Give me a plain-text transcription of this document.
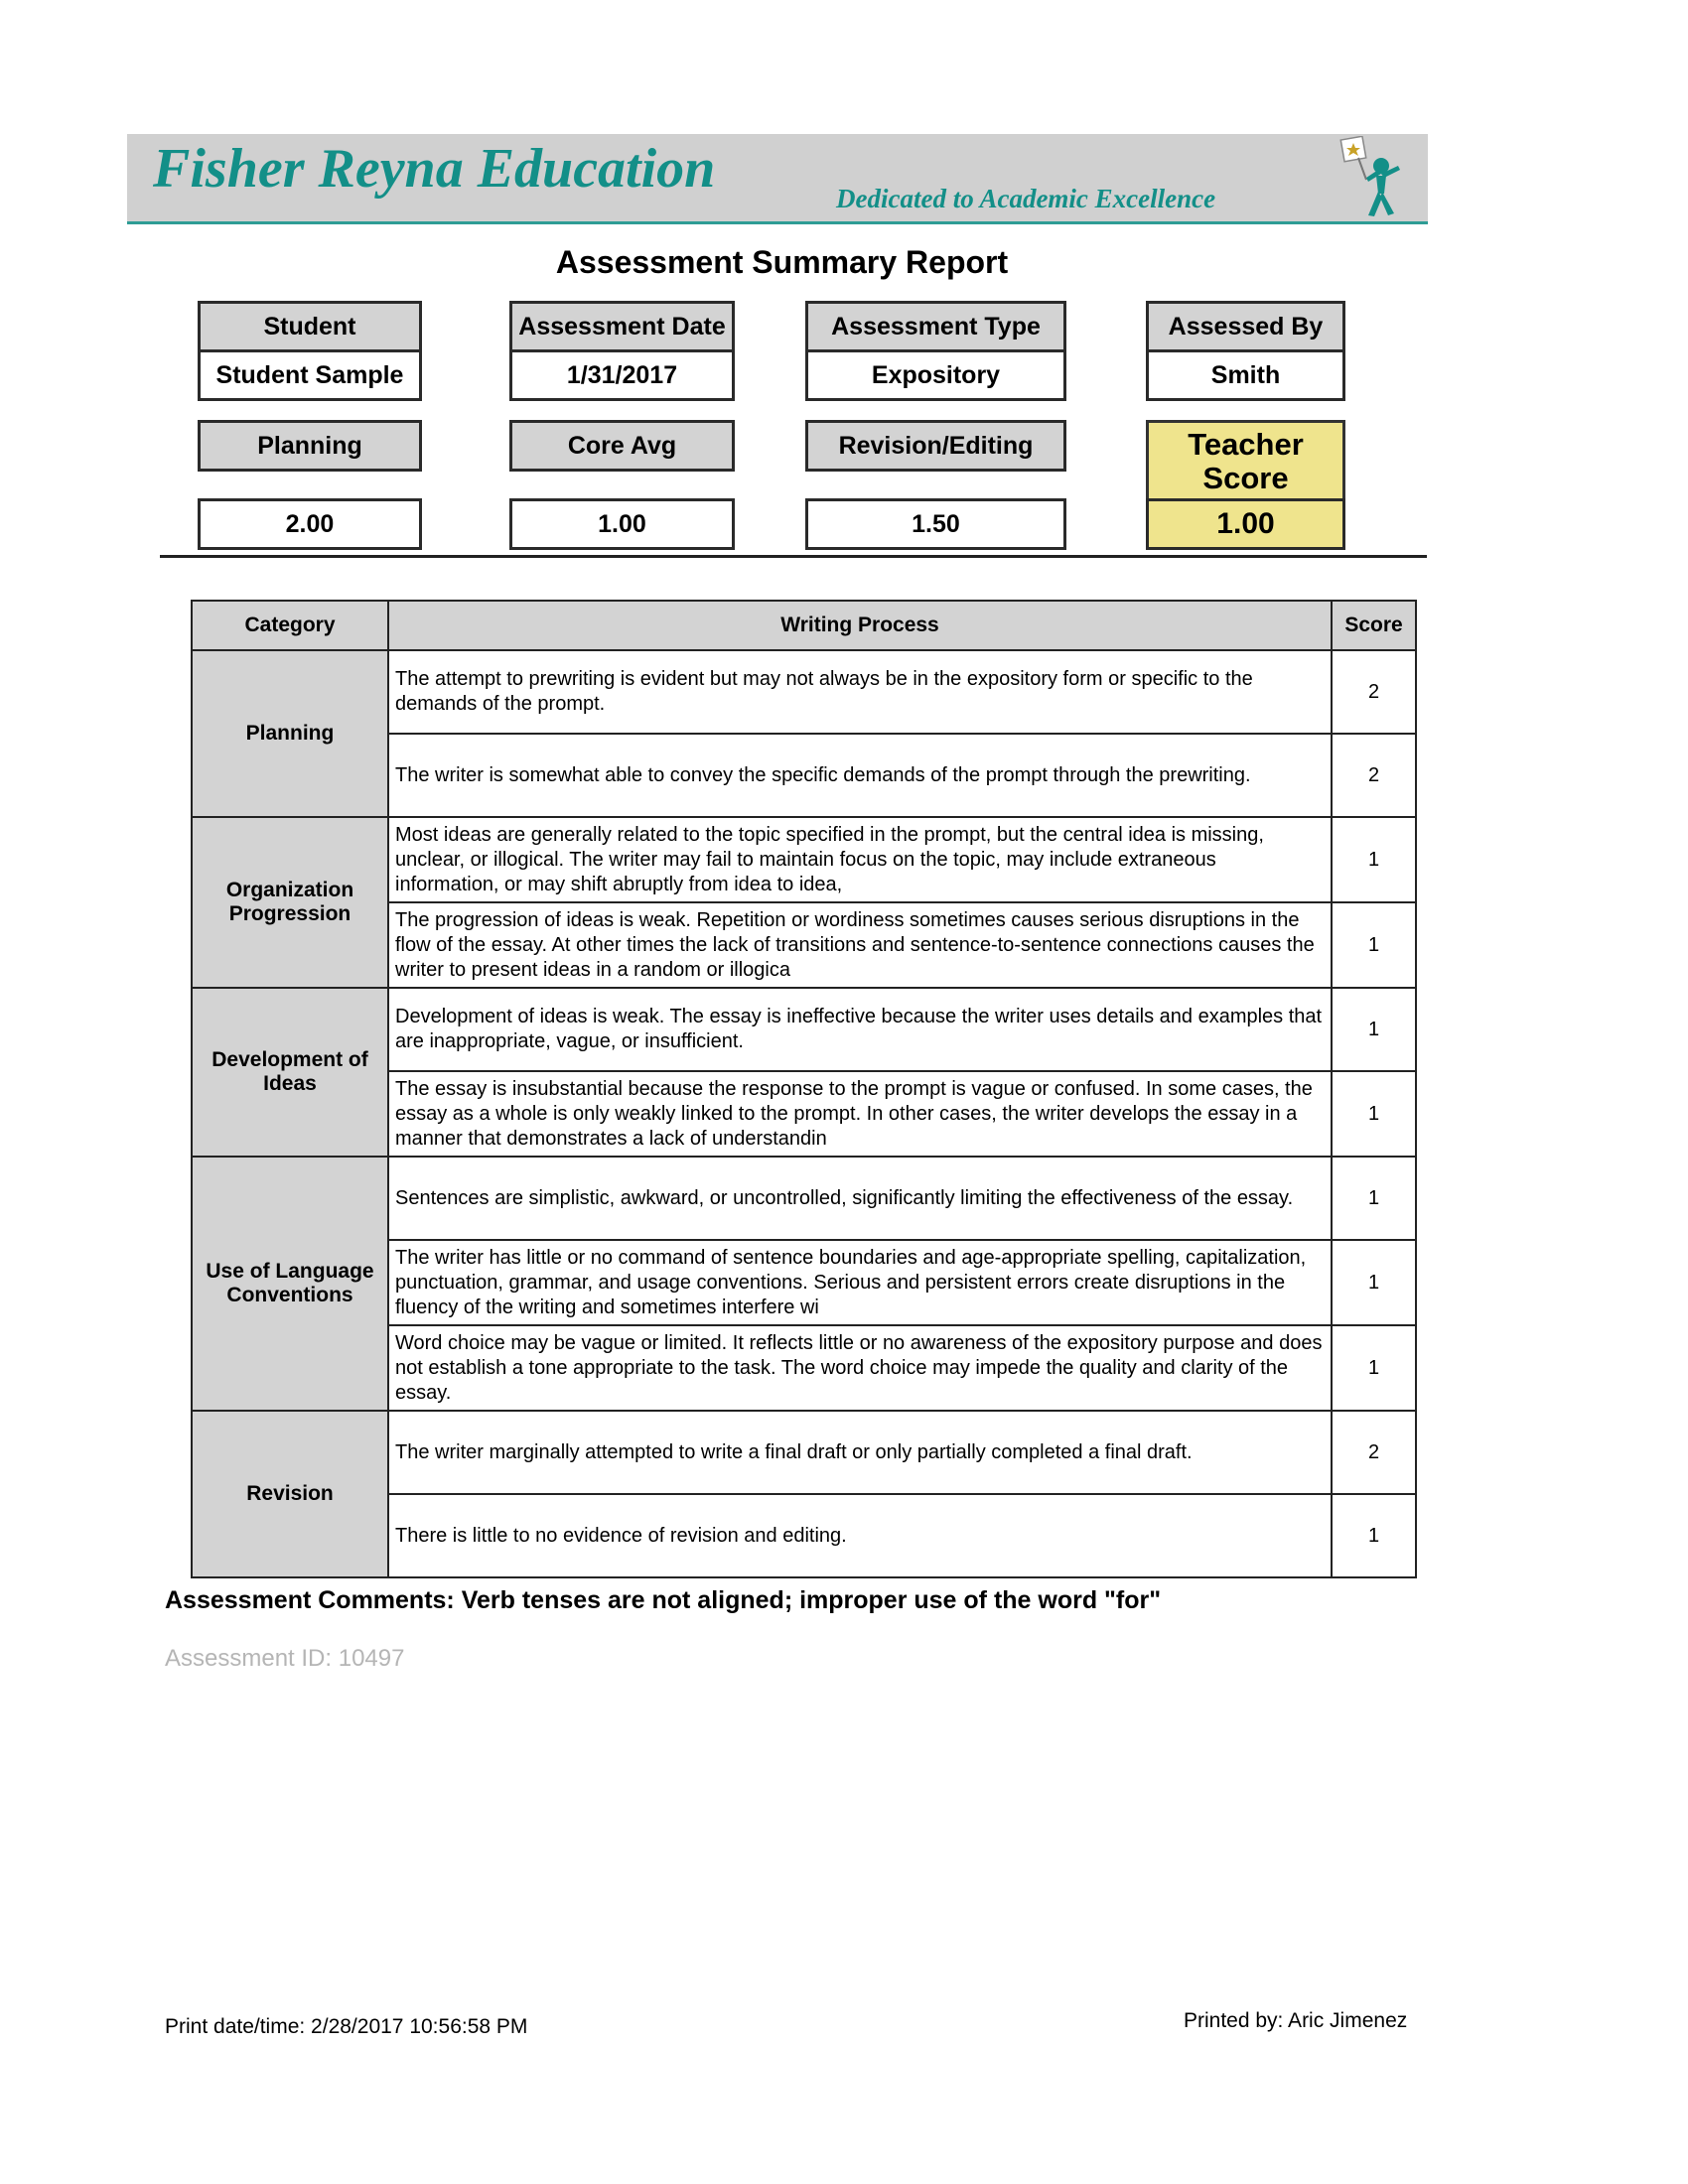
Fisher Reyna Education	Dedicated to Academic Excellence
Assessment Summary Report
Student
Student Sample
Assessment Date
1/31/2017
Assessment Type
Expository
Assessed By
Smith
Planning
2.00
Core Avg
1.00
Revision/Editing
1.50
Teacher
Score
1.00
Category	Writing Process	Score
Planning	The attempt to prewriting is evident but may not always be in the expository form or specific to the demands of the prompt.	2
	The writer is somewhat able to convey the specific demands of the prompt through the prewriting.	2
Organization
Progression	Most ideas are generally related to the topic specified in the prompt, but the central idea is missing, unclear, or illogical. The writer may fail to maintain focus on the topic, may include extraneous information, or may shift abruptly from idea to idea,	1
	The progression of ideas is weak. Repetition or wordiness sometimes causes serious disruptions in the flow of the essay. At other times the lack of transitions and sentence-to-sentence connections causes the writer to present ideas in a random or illogica	1
Development of
Ideas	Development of ideas is weak. The essay is ineffective because the writer uses details and examples that are inappropriate, vague, or insufficient.	1
	The essay is insubstantial because the response to the prompt is vague or confused. In some cases, the essay as a whole is only weakly linked to the prompt. In other cases, the writer develops the essay in a manner that demonstrates a lack of understandin	1
Use of Language
Conventions	Sentences are simplistic, awkward, or uncontrolled, significantly limiting the effectiveness of the essay.	1
	The writer has little or no command of sentence boundaries and age-appropriate spelling, capitalization, punctuation, grammar, and usage conventions. Serious and persistent errors create disruptions in the fluency of the writing and sometimes interfere wi	1
	Word choice may be vague or limited. It reflects little or no awareness of the expository purpose and does not establish a tone appropriate to the task. The word choice may impede the quality and clarity of the essay.	1
Revision	The writer marginally attempted to write a final draft or only partially completed a final draft.	2
	There is little to no evidence of revision and editing.	1
Assessment Comments: Verb tenses are not aligned; improper use of the word "for"
Assessment ID: 10497
Print date/time: 2/28/2017 10:56:58 PM	Printed by: Aric Jimenez
